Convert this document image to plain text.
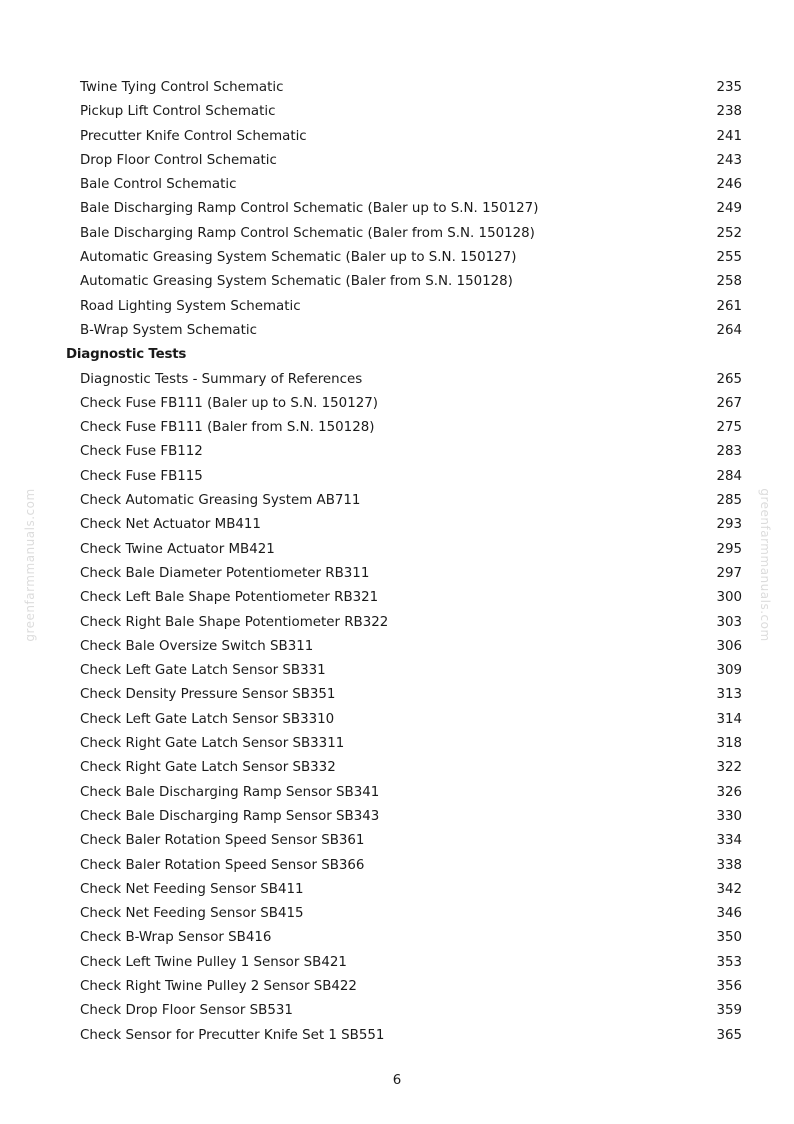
Twine Tying Control Schematic	235
Pickup Lift Control Schematic	238
Precutter Knife Control Schematic	241
Drop Floor Control Schematic	243
Bale Control Schematic	246
Bale Discharging Ramp Control Schematic (Baler up to S.N. 150127)	249
Bale Discharging Ramp Control Schematic (Baler from S.N. 150128)	252
Automatic Greasing System Schematic (Baler up to S.N. 150127)	255
Automatic Greasing System Schematic (Baler from S.N. 150128)	258
Road Lighting System Schematic	261
B-Wrap System Schematic	264
Diagnostic Tests
Diagnostic Tests - Summary of References	265
Check Fuse FB111 (Baler up to S.N. 150127)	267
Check Fuse FB111 (Baler from S.N. 150128)	275
Check Fuse FB112	283
Check Fuse FB115	284
Check Automatic Greasing System AB711	285
Check Net Actuator MB411	293
Check Twine Actuator MB421	295
Check Bale Diameter Potentiometer RB311	297
Check Left Bale Shape Potentiometer RB321	300
Check Right Bale Shape Potentiometer RB322	303
Check Bale Oversize Switch SB311	306
Check Left Gate Latch Sensor SB331	309
Check Density Pressure Sensor SB351	313
Check Left Gate Latch Sensor SB3310	314
Check Right Gate Latch Sensor SB3311	318
Check Right Gate Latch Sensor SB332	322
Check Bale Discharging Ramp Sensor SB341	326
Check Bale Discharging Ramp Sensor SB343	330
Check Baler Rotation Speed Sensor SB361	334
Check Baler Rotation Speed Sensor SB366	338
Check Net Feeding Sensor SB411	342
Check Net Feeding Sensor SB415	346
Check B-Wrap Sensor SB416	350
Check Left Twine Pulley 1 Sensor SB421	353
Check Right Twine Pulley 2 Sensor SB422	356
Check Drop Floor Sensor SB531	359
Check Sensor for Precutter Knife Set 1 SB551	365
6
greenfarmmanuals.com	greenfarmmanuals.com
